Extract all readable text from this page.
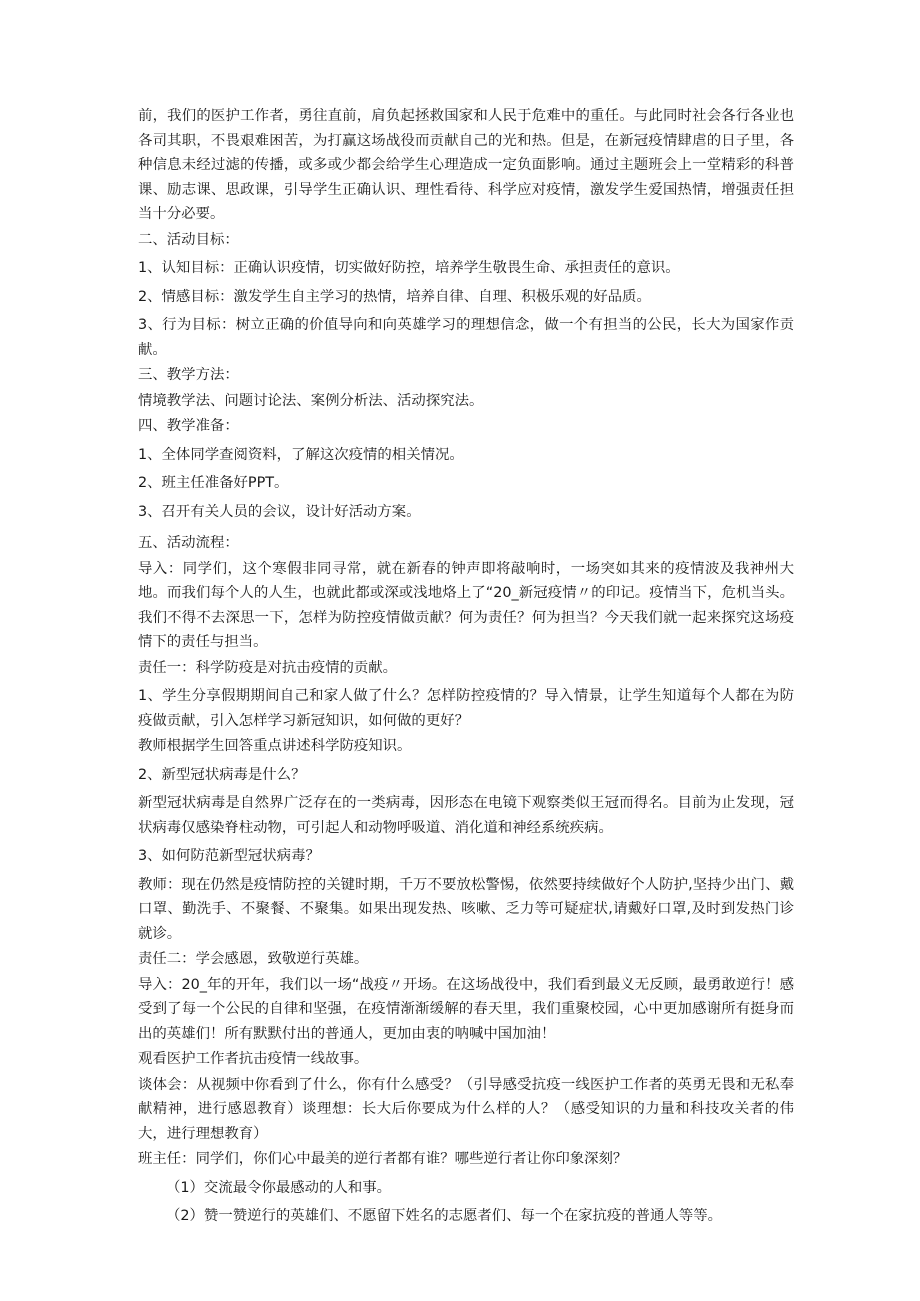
前，我们的医护工作者，勇往直前，肩负起拯救国家和人民于危难中的重任。与此同时社会各行各业也各司其职，不畏艰难困苦，为打赢这场战役而贡献自己的光和热。但是，在新冠疫情肆虐的日子里，各种信息未经过滤的传播，或多或少都会给学生心理造成一定负面影响。通过主题班会上一堂精彩的科普课、励志课、思政课，引导学生正确认识、理性看待、科学应对疫情，激发学生爱国热情，增强责任担当十分必要。

二、活动目标：

1、认知目标：正确认识疫情，切实做好防控，培养学生敬畏生命、承担责任的意识。

2、情感目标：激发学生自主学习的热情，培养自律、自理、积极乐观的好品质。

3、行为目标：树立正确的价值导向和向英雄学习的理想信念，做一个有担当的公民，长大为国家作贡献。

三、教学方法：

情境教学法、问题讨论法、案例分析法、活动探究法。

四、教学准备：

1、全体同学查阅资料，了解这次疫情的相关情况。

2、班主任准备好PPT。

3、召开有关人员的会议，设计好活动方案。

五、活动流程：

导入：同学们，这个寒假非同寻常，就在新春的钟声即将敲响时，一场突如其来的疫情波及我神州大地。而我们每个人的人生，也就此都或深或浅地烙上了“20_新冠疫情〃的印记。疫情当下，危机当头。我们不得不去深思一下，怎样为防控疫情做贡献？何为责任？何为担当？今天我们就一起来探究这场疫情下的责任与担当。

责任一：科学防疫是对抗击疫情的贡献。

1、学生分享假期期间自己和家人做了什么？怎样防控疫情的？导入情景，让学生知道每个人都在为防疫做贡献，引入怎样学习新冠知识，如何做的更好？

教师根据学生回答重点讲述科学防疫知识。

2、新型冠状病毒是什么？

新型冠状病毒是自然界广泛存在的一类病毒，因形态在电镜下观察类似王冠而得名。目前为止发现，冠状病毒仅感染脊柱动物，可引起人和动物呼吸道、消化道和神经系统疾病。

3、如何防范新型冠状病毒？

教师：现在仍然是疫情防控的关键时期，千万不要放松警惕，依然要持续做好个人防护,坚持少出门、戴口罩、勤洗手、不聚餐、不聚集。如果出现发热、咳嗽、乏力等可疑症状,请戴好口罩,及时到发热门诊就诊。

责任二：学会感恩，致敬逆行英雄。

导入：20_年的开年，我们以一场“战疫〃开场。在这场战役中，我们看到最义无反顾，最勇敢逆行！感受到了每一个公民的自律和坚强，在疫情渐渐缓解的春天里，我们重聚校园，心中更加感谢所有挺身而出的英雄们！所有默默付出的普通人，更加由衷的呐喊中国加油！

观看医护工作者抗击疫情一线故事。

谈体会：从视频中你看到了什么，你有什么感受？（引导感受抗疫一线医护工作者的英勇无畏和无私奉献精神，进行感恩教育）谈理想：长大后你要成为什么样的人？（感受知识的力量和科技攻关者的伟大，进行理想教育）

班主任：同学们，你们心中最美的逆行者都有谁？哪些逆行者让你印象深刻？

（1）交流最令你最感动的人和事。

（2）赞一赞逆行的英雄们、不愿留下姓名的志愿者们、每一个在家抗疫的普通人等等。
